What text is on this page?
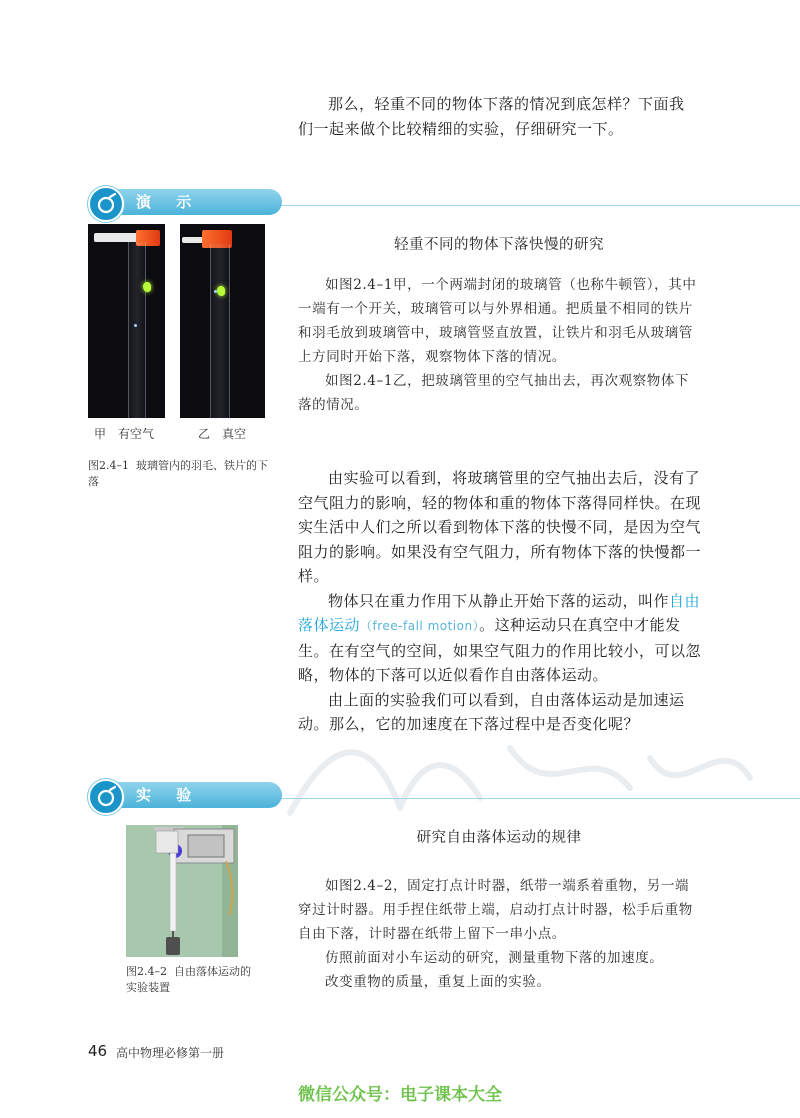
那么，轻重不同的物体下落的情况到底怎样？下面我

们一起来做个比较精细的实验，仔细研究一下。

演 示
甲　有空气	乙　真空
图2.4–1 玻璃管内的羽毛、铁片的下落
轻重不同的物体下落快慢的研究

如图2.4–1甲，一个两端封闭的玻璃管（也称牛顿管），其中一端有一个开关，玻璃管可以与外界相通。把质量不相同的铁片和羽毛放到玻璃管中，玻璃管竖直放置，让铁片和羽毛从玻璃管上方同时开始下落，观察物体下落的情况。

如图2.4–1乙，把玻璃管里的空气抽出去，再次观察物体下落的情况。

由实验可以看到，将玻璃管里的空气抽出去后，没有了空气阻力的影响，轻的物体和重的物体下落得同样快。在现实生活中人们之所以看到物体下落的快慢不同，是因为空气阻力的影响。如果没有空气阻力，所有物体下落的快慢都一样。

物体只在重力作用下从静止开始下落的运动，叫作自由落体运动（free-fall motion）。这种运动只在真空中才能发生。在有空气的空间，如果空气阻力的作用比较小，可以忽略，物体的下落可以近似看作自由落体运动。

由上面的实验我们可以看到，自由落体运动是加速运动。那么，它的加速度在下落过程中是否变化呢？

实 验
图2.4–2 自由落体运动的实验装置
研究自由落体运动的规律

如图2.4–2，固定打点计时器，纸带一端系着重物，另一端穿过计时器。用手捏住纸带上端，启动打点计时器，松手后重物自由下落，计时器在纸带上留下一串小点。

仿照前面对小车运动的研究，测量重物下落的加速度。

改变重物的质量，重复上面的实验。

46 高中物理必修第一册
微信公众号：电子课本大全
